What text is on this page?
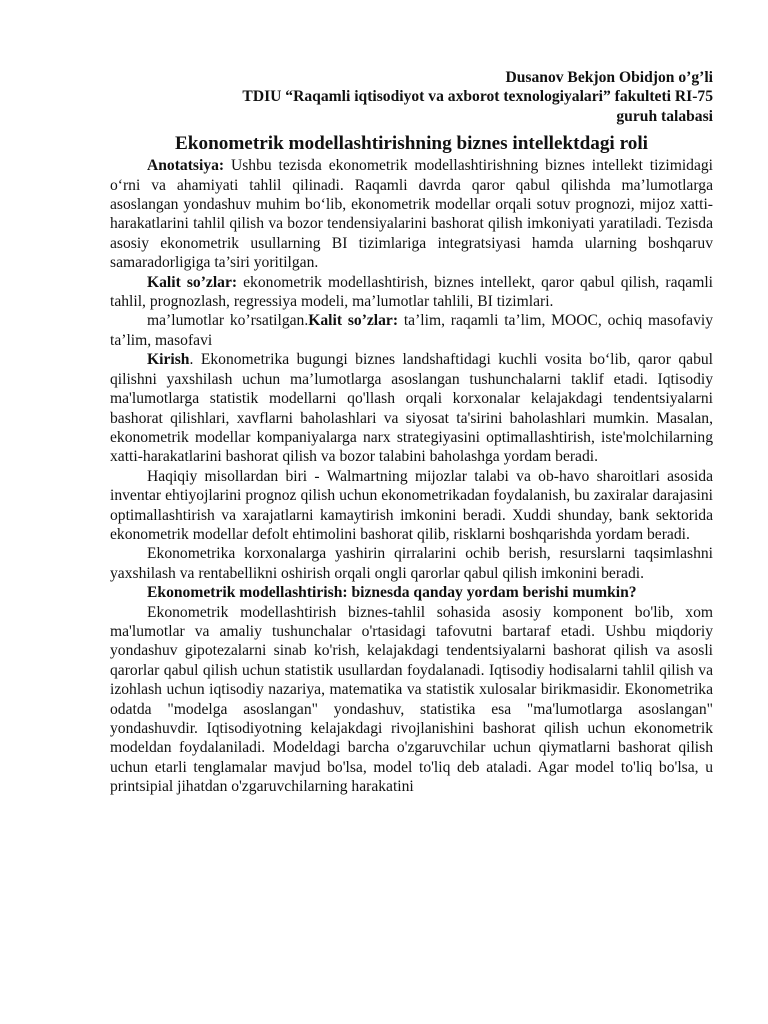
Dusanov Bekjon Obidjon o’g’li
TDIU “Raqamli iqtisodiyot va axborot texnologiyalari” fakulteti RI-75
guruh talabasi
Ekonometrik modellashtirishning biznes intellektdagi roli

Anotatsiya: Ushbu tezisda ekonometrik modellashtirishning biznes intellekt tizimidagi o‘rni va ahamiyati tahlil qilinadi. Raqamli davrda qaror qabul qilishda ma’lumotlarga asoslangan yondashuv muhim bo‘lib, ekonometrik modellar orqali sotuv prognozi, mijoz xatti-harakatlarini tahlil qilish va bozor tendensiyalarini bashorat qilish imkoniyati yaratiladi. Tezisda asosiy ekonometrik usullarning BI tizimlariga integratsiyasi hamda ularning boshqaruv samaradorligiga ta’siri yoritilgan.

Kalit so’zlar: ekonometrik modellashtirish, biznes intellekt, qaror qabul qilish, raqamli tahlil, prognozlash, regressiya modeli, ma’lumotlar tahlili, BI tizimlari.

ma’lumotlar ko’rsatilgan.Kalit so’zlar: ta’lim, raqamli ta’lim, MOOC, ochiq masofaviy ta’lim, masofavi

Kirish. Ekonometrika bugungi biznes landshaftidagi kuchli vosita bo‘lib, qaror qabul qilishni yaxshilash uchun ma’lumotlarga asoslangan tushunchalarni taklif etadi. Iqtisodiy ma'lumotlarga statistik modellarni qo'llash orqali korxonalar kelajakdagi tendentsiyalarni bashorat qilishlari, xavflarni baholashlari va siyosat ta'sirini baholashlari mumkin. Masalan, ekonometrik modellar kompaniyalarga narx strategiyasini optimallashtirish, iste'molchilarning xatti-harakatlarini bashorat qilish va bozor talabini baholashga yordam beradi.

Haqiqiy misollardan biri - Walmartning mijozlar talabi va ob-havo sharoitlari asosida inventar ehtiyojlarini prognoz qilish uchun ekonometrikadan foydalanish, bu zaxiralar darajasini optimallashtirish va xarajatlarni kamaytirish imkonini beradi. Xuddi shunday, bank sektorida ekonometrik modellar defolt ehtimolini bashorat qilib, risklarni boshqarishda yordam beradi.

Ekonometrika korxonalarga yashirin qirralarini ochib berish, resurslarni taqsimlashni yaxshilash va rentabellikni oshirish orqali ongli qarorlar qabul qilish imkonini beradi.

Ekonometrik modellashtirish: biznesda qanday yordam berishi mumkin?

Ekonometrik modellashtirish biznes-tahlil sohasida asosiy komponent bo'lib, xom ma'lumotlar va amaliy tushunchalar o'rtasidagi tafovutni bartaraf etadi. Ushbu miqdoriy yondashuv gipotezalarni sinab ko'rish, kelajakdagi tendentsiyalarni bashorat qilish va asosli qarorlar qabul qilish uchun statistik usullardan foydalanadi. Iqtisodiy hodisalarni tahlil qilish va izohlash uchun iqtisodiy nazariya, matematika va statistik xulosalar birikmasidir. Ekonometrika odatda "modelga asoslangan" yondashuv, statistika esa "ma'lumotlarga asoslangan" yondashuvdir. Iqtisodiyotning kelajakdagi rivojlanishini bashorat qilish uchun ekonometrik modeldan foydalaniladi. Modeldagi barcha o'zgaruvchilar uchun qiymatlarni bashorat qilish uchun etarli tenglamalar mavjud bo'lsa, model to'liq deb ataladi. Agar model to'liq bo'lsa, u printsipial jihatdan o'zgaruvchilarning harakatini
